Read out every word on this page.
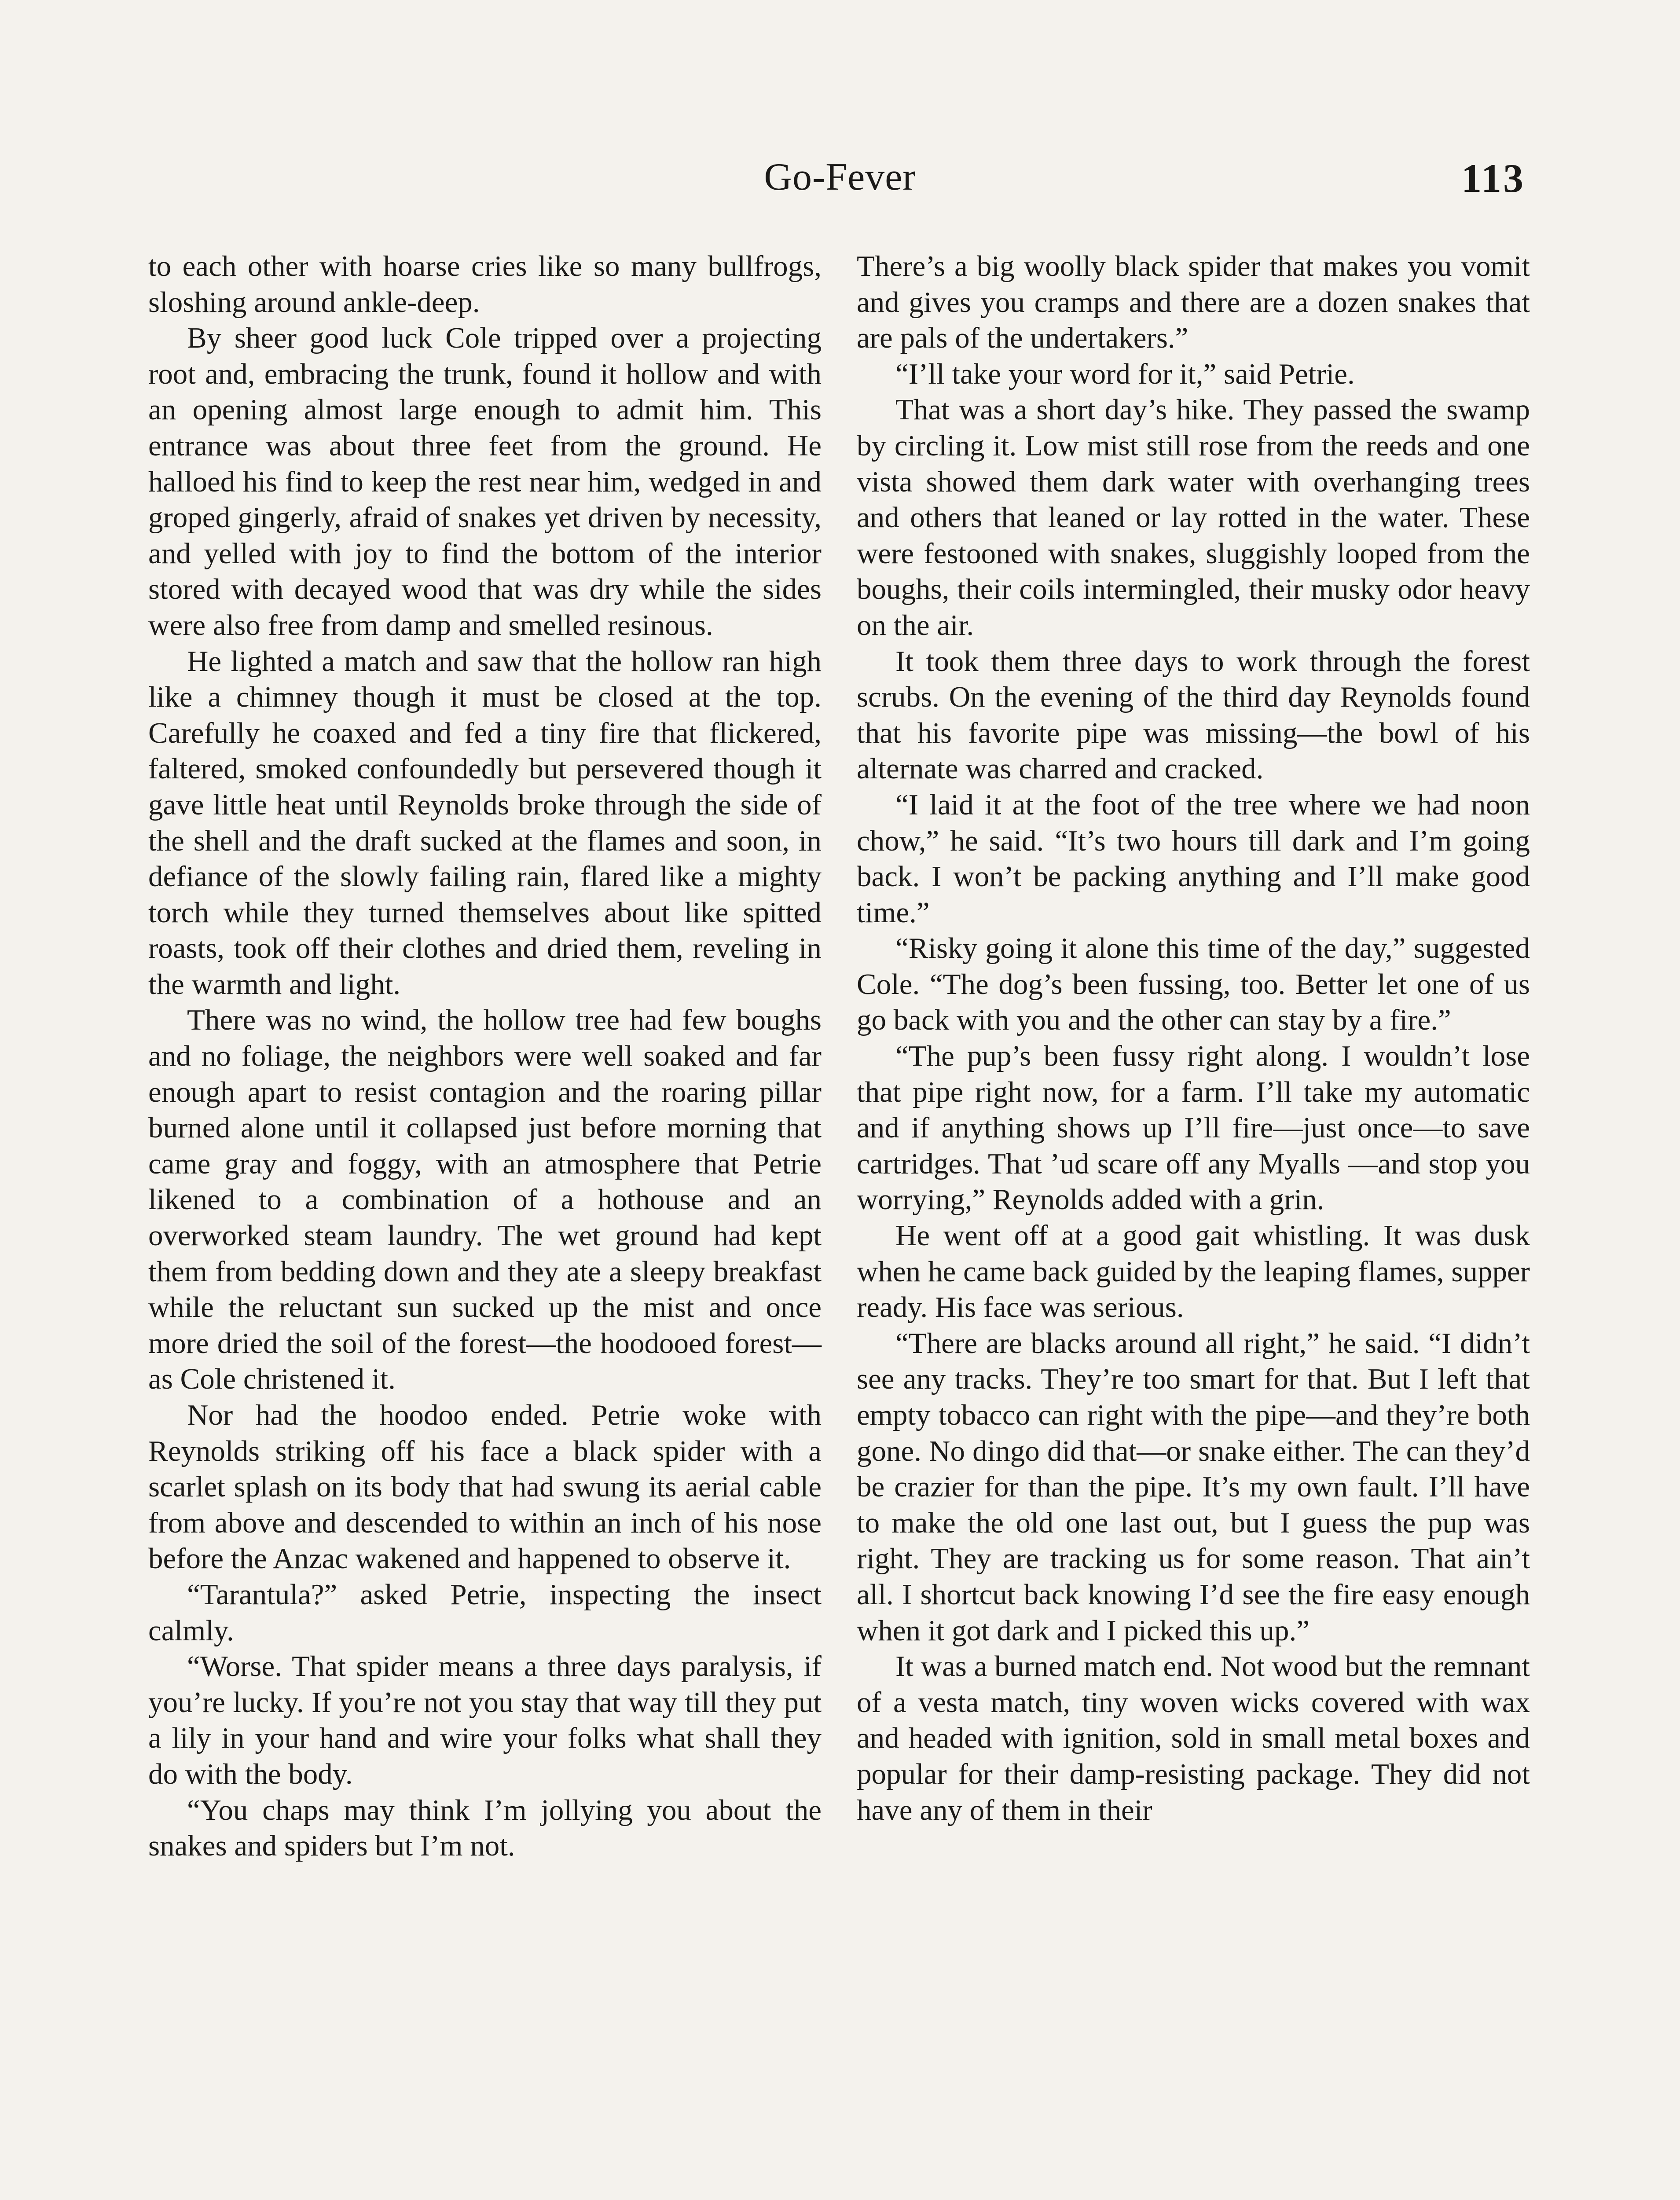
Go-Fever	113

to each other with hoarse cries like so many bullfrogs, sloshing around ankle-deep.

By sheer good luck Cole tripped over a projecting root and, embracing the trunk, found it hollow and with an opening almost large enough to admit him. This entrance was about three feet from the ground. He halloed his find to keep the rest near him, wedged in and groped gingerly, afraid of snakes yet driven by necessity, and yelled with joy to find the bottom of the interior stored with decayed wood that was dry while the sides were also free from damp and smelled resinous.

He lighted a match and saw that the hollow ran high like a chimney though it must be closed at the top. Carefully he coaxed and fed a tiny fire that flickered, faltered, smoked confoundedly but persevered though it gave little heat until Reynolds broke through the side of the shell and the draft sucked at the flames and soon, in defiance of the slowly failing rain, flared like a mighty torch while they turned themselves about like spitted roasts, took off their clothes and dried them, reveling in the warmth and light.

There was no wind, the hollow tree had few boughs and no foliage, the neighbors were well soaked and far enough apart to resist contagion and the roaring pillar burned alone until it collapsed just before morning that came gray and foggy, with an atmosphere that Petrie likened to a combination of a hothouse and an overworked steam laundry. The wet ground had kept them from bedding down and they ate a sleepy breakfast while the reluctant sun sucked up the mist and once more dried the soil of the forest—the hoodooed forest—as Cole christened it.

Nor had the hoodoo ended. Petrie woke with Reynolds striking off his face a black spider with a scarlet splash on its body that had swung its aerial cable from above and descended to within an inch of his nose before the Anzac wakened and happened to observe it.

“Tarantula?” asked Petrie, inspecting the insect calmly.

“Worse. That spider means a three days paralysis, if you’re lucky. If you’re not you stay that way till they put a lily in your hand and wire your folks what shall they do with the body.

“You chaps may think I’m jollying you about the snakes and spiders but I’m not.

There’s a big woolly black spider that makes you vomit and gives you cramps and there are a dozen snakes that are pals of the undertakers.”

“I’ll take your word for it,” said Petrie.

That was a short day’s hike. They passed the swamp by circling it. Low mist still rose from the reeds and one vista showed them dark water with overhanging trees and others that leaned or lay rotted in the water. These were festooned with snakes, sluggishly looped from the boughs, their coils intermingled, their musky odor heavy on the air.

It took them three days to work through the forest scrubs. On the evening of the third day Reynolds found that his favorite pipe was missing—the bowl of his alternate was charred and cracked.

“I laid it at the foot of the tree where we had noon chow,” he said. “It’s two hours till dark and I’m going back. I won’t be packing anything and I’ll make good time.”

“Risky going it alone this time of the day,” suggested Cole. “The dog’s been fussing, too. Better let one of us go back with you and the other can stay by a fire.”

“The pup’s been fussy right along. I wouldn’t lose that pipe right now, for a farm. I’ll take my automatic and if anything shows up I’ll fire—just once—to save cartridges. That ’ud scare off any Myalls —and stop you worrying,” Reynolds added with a grin.

He went off at a good gait whistling. It was dusk when he came back guided by the leaping flames, supper ready. His face was serious.

“There are blacks around all right,” he said. “I didn’t see any tracks. They’re too smart for that. But I left that empty tobacco can right with the pipe—and they’re both gone. No dingo did that—or snake either. The can they’d be crazier for than the pipe. It’s my own fault. I’ll have to make the old one last out, but I guess the pup was right. They are tracking us for some reason. That ain’t all. I shortcut back knowing I’d see the fire easy enough when it got dark and I picked this up.”

It was a burned match end. Not wood but the remnant of a vesta match, tiny woven wicks covered with wax and headed with ignition, sold in small metal boxes and popular for their damp-resisting package. They did not have any of them in their
